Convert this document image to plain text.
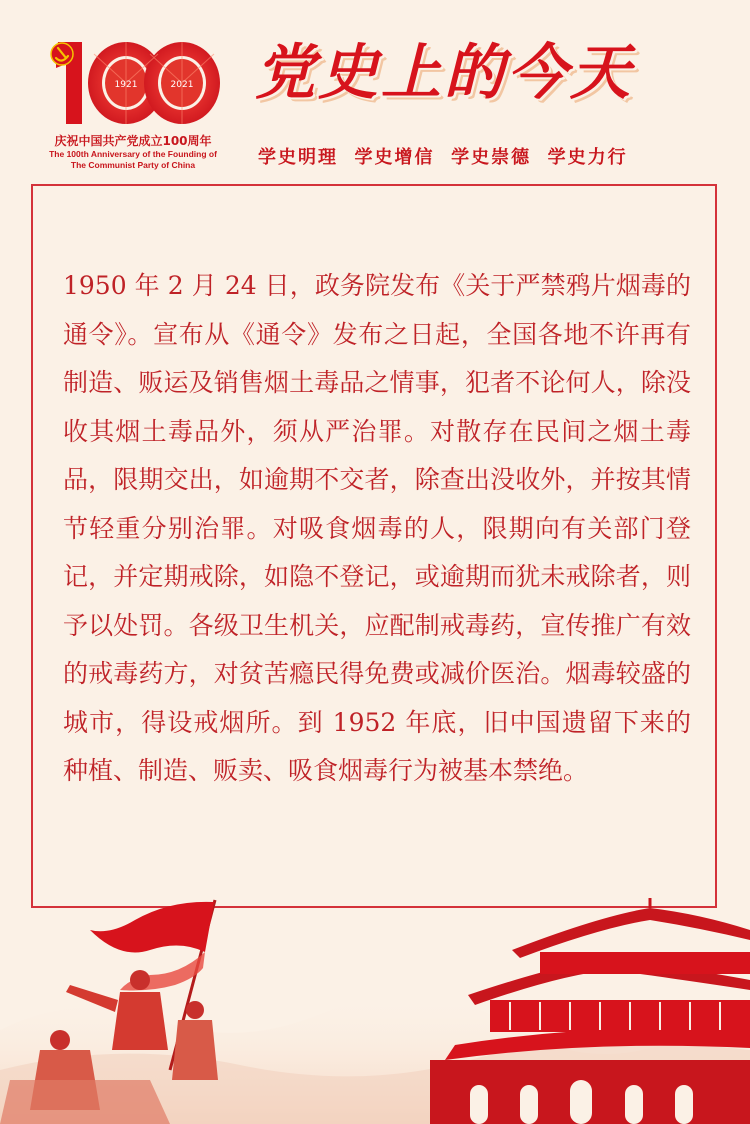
1921	2021
庆祝中国共产党成立100周年
The 100th Anniversary of the Founding of
The Communist Party of China
党史上的今天
学史明理  学史增信  学史崇德  学史力行

1950 年 2 月 24 日，政务院发布《关于严禁鸦片烟毒的通令》。宣布从《通令》发布之日起，全国各地不许再有制造、贩运及销售烟土毒品之情事，犯者不论何人，除没收其烟土毒品外，须从严治罪。对散存在民间之烟土毒品，限期交出，如逾期不交者，除查出没收外，并按其情节轻重分别治罪。对吸食烟毒的人，限期向有关部门登记，并定期戒除，如隐不登记，或逾期而犹未戒除者，则予以处罚。各级卫生机关，应配制戒毒药，宣传推广有效的戒毒药方，对贫苦瘾民得免费或减价医治。烟毒较盛的城市，得设戒烟所。到 1952 年底，旧中国遗留下来的种植、制造、贩卖、吸食烟毒行为被基本禁绝。
